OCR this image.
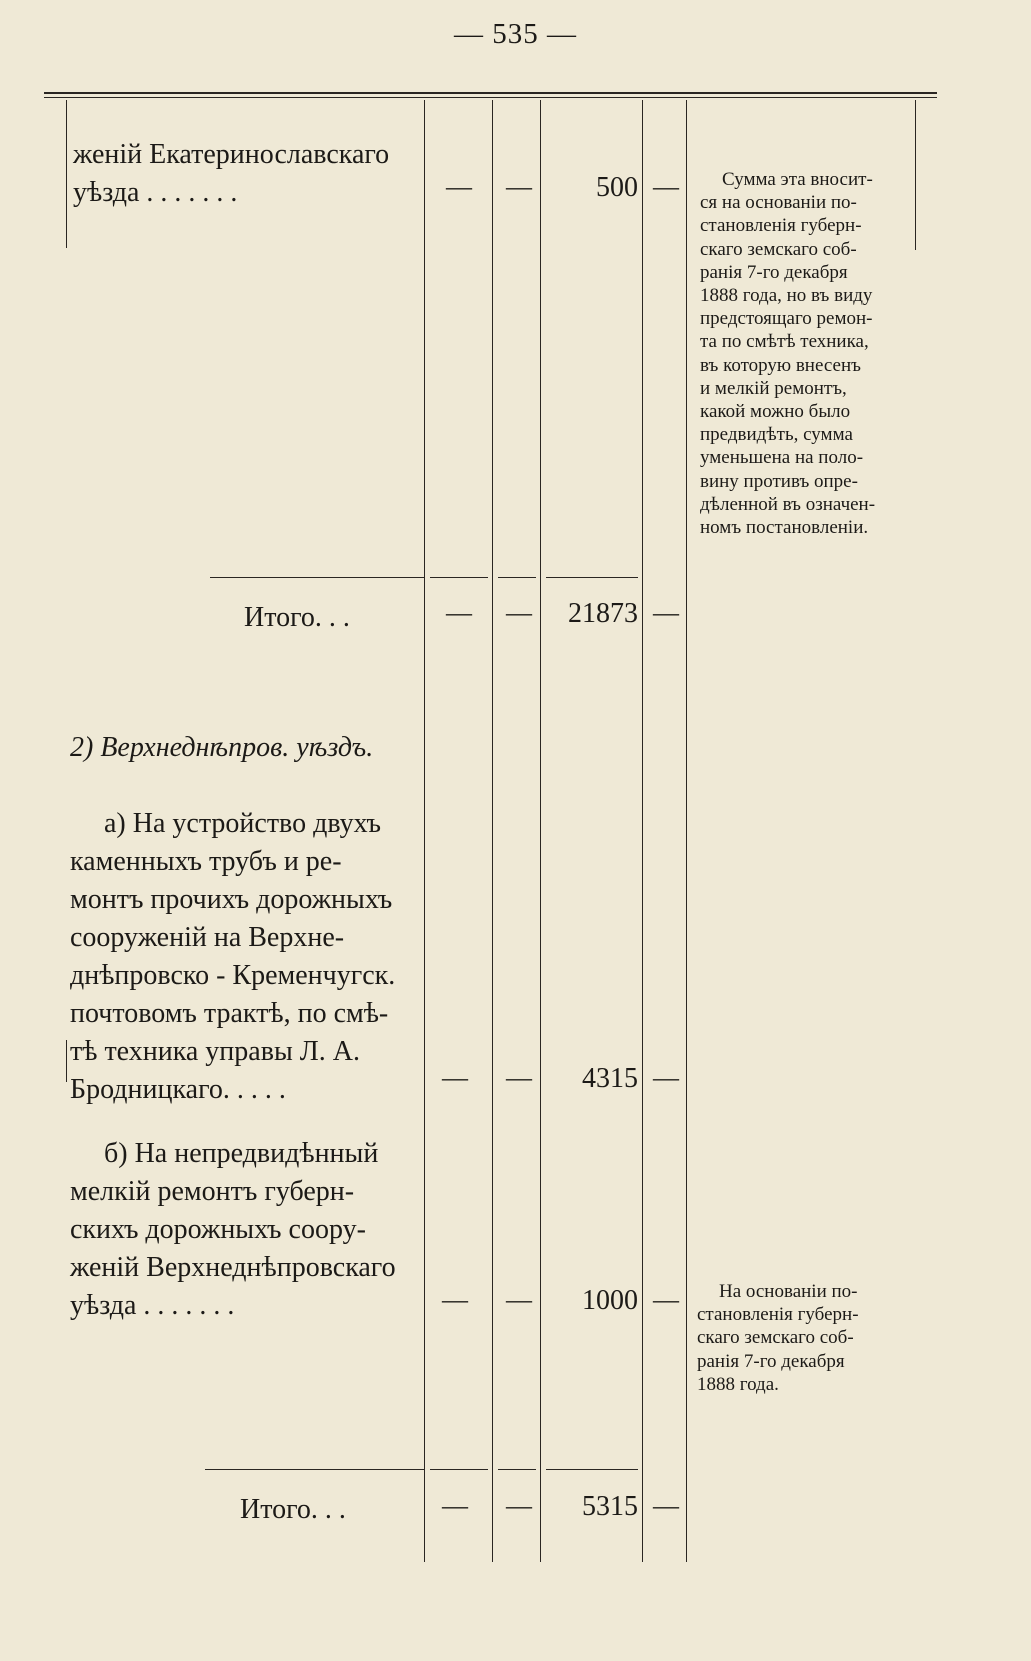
— 535 —
женій Екатеринославскаго
уѣзда . . . . . . .	— —	500 —	Сумма эта вносит-
ся на основаніи по-
становленія губерн-
скаго земскаго соб-
ранія 7-го декабря
1888 года, но въ виду
предстоящаго ремон-
та по смѣтѣ техника,
въ которую внесенъ
и мелкій ремонтъ,
какой можно было
предвидѣть, сумма
уменьшена на поло-
вину противъ опре-
дѣленной въ означен-
номъ постановленіи.
Итого. . .	— —	21873 —
2) Верхнеднѣпров. уѣздъ.
а) На устройство двухъ
каменныхъ трубъ и ре-
монтъ прочихъ дорожныхъ
сооруженій на Верхне-
днѣпровско - Кременчугск.
почтовомъ трактѣ, по смѣ-
тѣ техника управы Л. А.
Бродницкаго. . . . .	— —	4315 —
б) На непредвидѣнный
мелкій ремонтъ губерн-
скихъ дорожныхъ соору-
женій Верхнеднѣпровскаго
уѣзда . . . . . . .	— —	1000 —	На основаніи по-
становленія губерн-
скаго земскаго соб-
ранія 7-го декабря
1888 года.
Итого. . .	— —	5315 —
